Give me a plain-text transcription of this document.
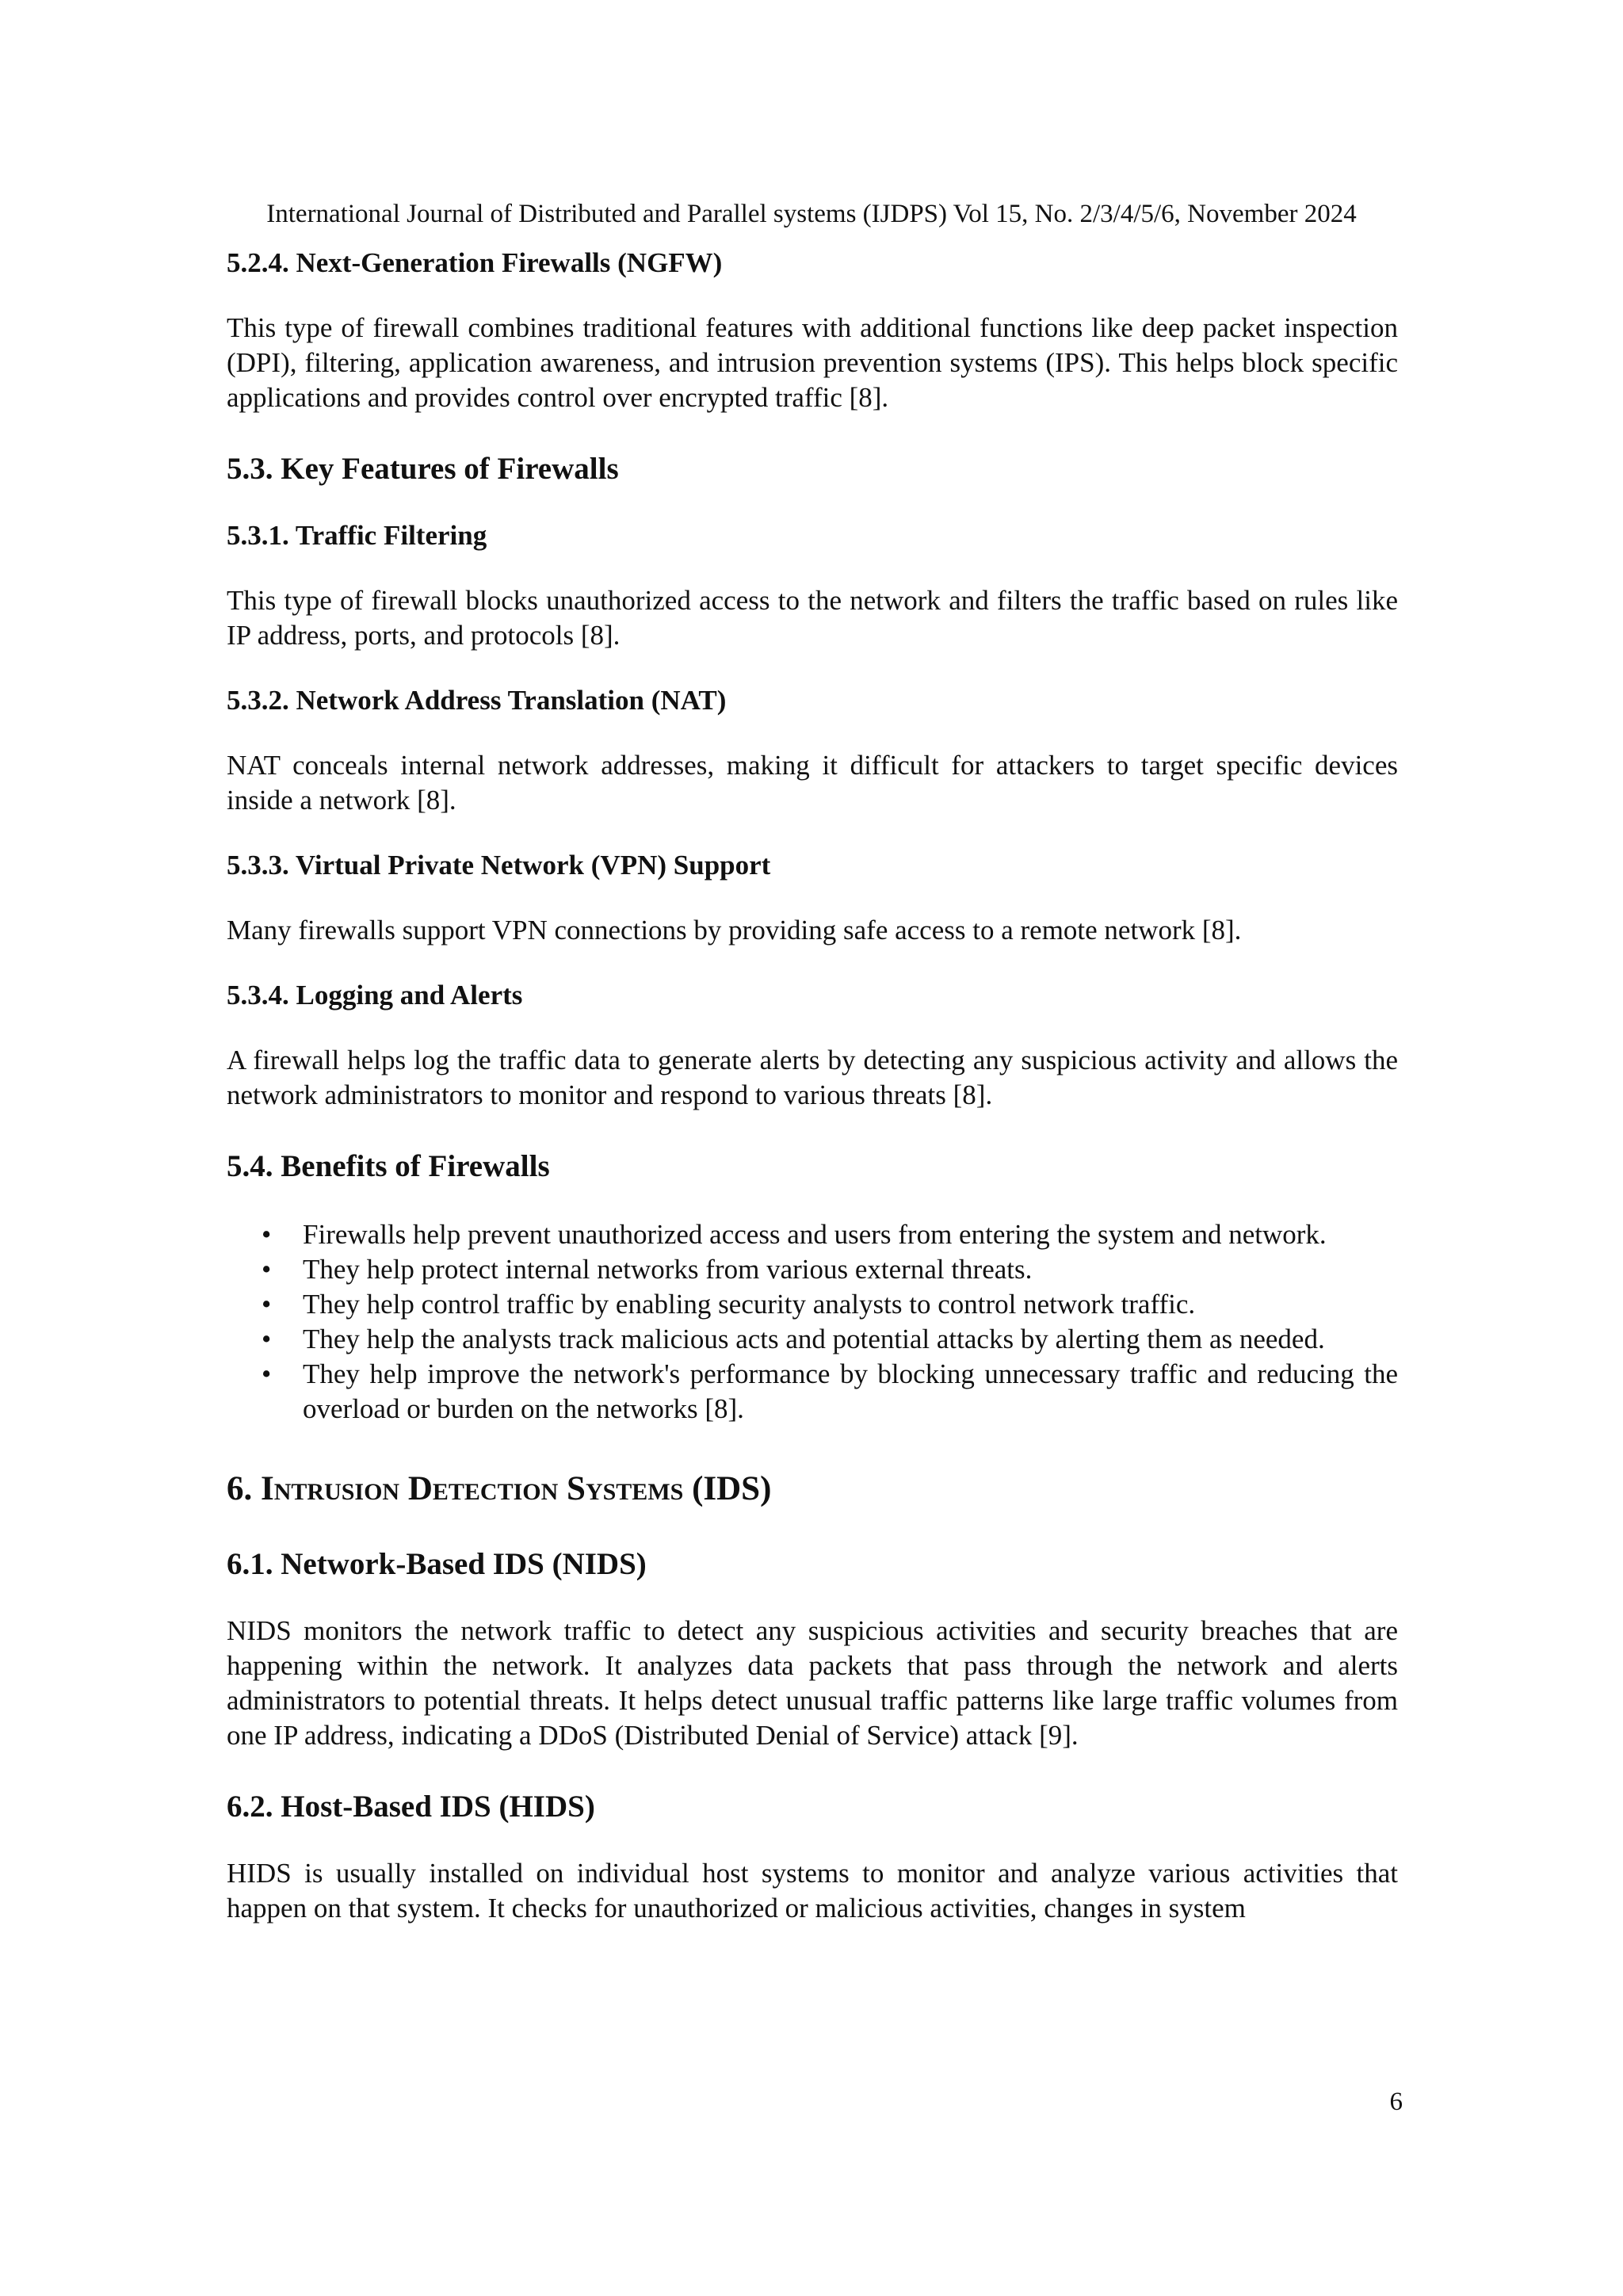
International Journal of Distributed and Parallel systems (IJDPS) Vol 15, No. 2/3/4/5/6, November 2024
5.2.4. Next-Generation Firewalls (NGFW)

This type of firewall combines traditional features with additional functions like deep packet inspection (DPI), filtering, application awareness, and intrusion prevention systems (IPS). This helps block specific applications and provides control over encrypted traffic [8].

5.3. Key Features of Firewalls
5.3.1. Traffic Filtering

This type of firewall blocks unauthorized access to the network and filters the traffic based on rules like IP address, ports, and protocols [8].

5.3.2. Network Address Translation (NAT)

NAT conceals internal network addresses, making it difficult for attackers to target specific devices inside a network [8].

5.3.3. Virtual Private Network (VPN) Support

Many firewalls support VPN connections by providing safe access to a remote network [8].

5.3.4. Logging and Alerts

A firewall helps log the traffic data to generate alerts by detecting any suspicious activity and allows the network administrators to monitor and respond to various threats [8].

5.4. Benefits of Firewalls
• Firewalls help prevent unauthorized access and users from entering the system and network.
• They help protect internal networks from various external threats.
• They help control traffic by enabling security analysts to control network traffic.
• They help the analysts track malicious acts and potential attacks by alerting them as needed.
• They help improve the network's performance by blocking unnecessary traffic and reducing the overload or burden on the networks [8].
6. Intrusion Detection Systems (IDS)
6.1. Network-Based IDS (NIDS)

NIDS monitors the network traffic to detect any suspicious activities and security breaches that are happening within the network. It analyzes data packets that pass through the network and alerts administrators to potential threats. It helps detect unusual traffic patterns like large traffic volumes from one IP address, indicating a DDoS (Distributed Denial of Service) attack [9].

6.2. Host-Based IDS (HIDS)

HIDS is usually installed on individual host systems to monitor and analyze various activities that happen on that system. It checks for unauthorized or malicious activities, changes in system

6
